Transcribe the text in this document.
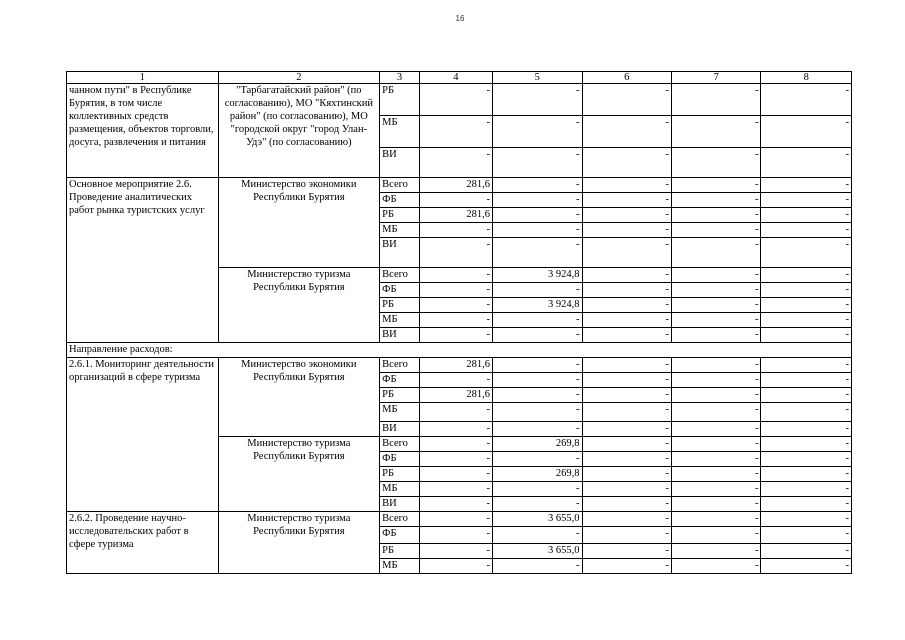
16
1	2	3	4	5	6	7	8
чанном пути" в Республике Бурятия, в том числе коллективных средств размещения, объектов торговли, досуга, развлечения и питания	"Тарбагатайский район" (по согласованию), МО "Кяхтинский район" (по согласованию), МО "городской округ "город Улан-Удэ" (по согласованию)	РБ	-	-	-	-	-
		МБ	-	-	-	-	-
		ВИ	-	-	-	-	-
Основное мероприятие 2.6. Проведение аналитических работ рынка туристских услуг	Министерство экономики Республики Бурятия	Всего	281,6	-	-	-	-
		ФБ	-	-	-	-	-
		РБ	281,6	-	-	-	-
		МБ	-	-	-	-	-
		ВИ	-	-	-	-	-
	Министерство туризма Республики Бурятия	Всего	-	3 924,8	-	-	-
		ФБ	-	-	-	-	-
		РБ	-	3 924,8	-	-	-
		МБ	-	-	-	-	-
		ВИ	-	-	-	-	-
Направление расходов:							
2.6.1. Мониторинг деятельности организаций в сфере туризма	Министерство экономики Республики Бурятия	Всего	281,6	-	-	-	-
		ФБ	-	-	-	-	-
		РБ	281,6	-	-	-	-
		МБ	-	-	-	-	-
		ВИ	-	-	-	-	-
	Министерство туризма Республики Бурятия	Всего	-	269,8	-	-	-
		ФБ	-	-	-	-	-
		РБ	-	269,8	-	-	-
		МБ	-	-	-	-	-
		ВИ	-	-	-	-	-
2.6.2. Проведение научно-исследовательских работ в сфере туризма	Министерство туризма Республики Бурятия	Всего	-	3 655,0	-	-	-
		ФБ	-	-	-	-	-
		РБ	-	3 655,0	-	-	-
		МБ	-	-	-	-	-
